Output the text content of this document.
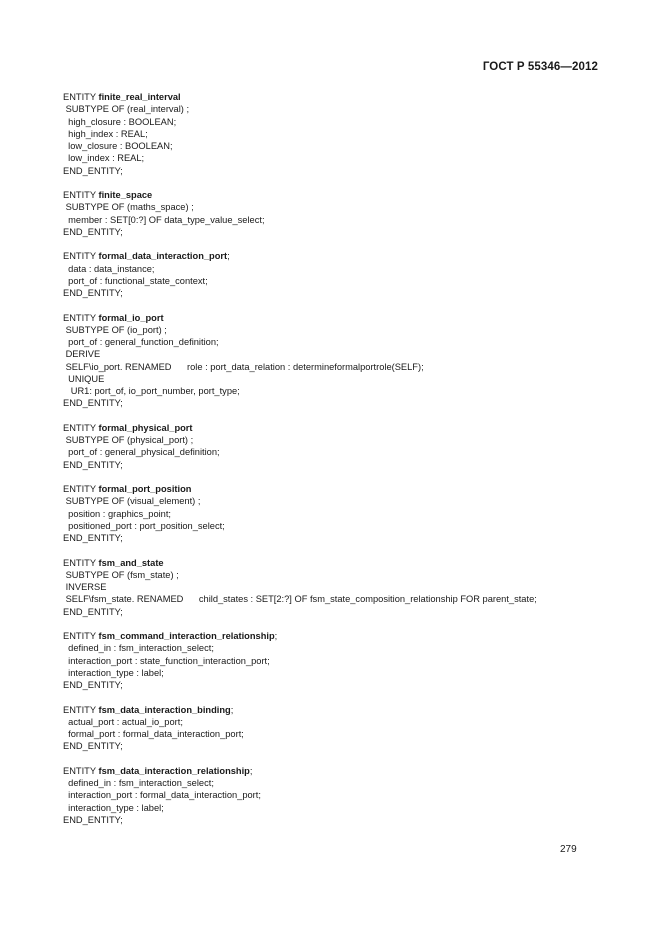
ГОСТ Р 55346—2012
ENTITY finite_real_interval
SUBTYPE OF (real_interval) ;
high_closure : BOOLEAN;
high_index : REAL;
low_closure : BOOLEAN;
low_index : REAL;
END_ENTITY;
ENTITY finite_space
SUBTYPE OF (maths_space) ;
member : SET[0:?] OF data_type_value_select;
END_ENTITY;
ENTITY formal_data_interaction_port;
data : data_instance;
port_of : functional_state_context;
END_ENTITY;
ENTITY formal_io_port
SUBTYPE OF (io_port) ;
port_of : general_function_definition;
DERIVE
SELF\io_port. RENAMED      role : port_data_relation : determineformalportrole(SELF);
UNIQUE
UR1: port_of, io_port_number, port_type;
END_ENTITY;
ENTITY formal_physical_port
SUBTYPE OF (physical_port) ;
port_of : general_physical_definition;
END_ENTITY;
ENTITY formal_port_position
SUBTYPE OF (visual_element) ;
position : graphics_point;
positioned_port : port_position_select;
END_ENTITY;
ENTITY fsm_and_state
SUBTYPE OF (fsm_state) ;
INVERSE
SELF\fsm_state. RENAMED      child_states : SET[2:?] OF fsm_state_composition_relationship FOR parent_state;
END_ENTITY;
ENTITY fsm_command_interaction_relationship;
defined_in : fsm_interaction_select;
interaction_port : state_function_interaction_port;
interaction_type : label;
END_ENTITY;
ENTITY fsm_data_interaction_binding;
actual_port : actual_io_port;
formal_port : formal_data_interaction_port;
END_ENTITY;
ENTITY fsm_data_interaction_relationship;
defined_in : fsm_interaction_select;
interaction_port : formal_data_interaction_port;
interaction_type : label;
END_ENTITY;
279
